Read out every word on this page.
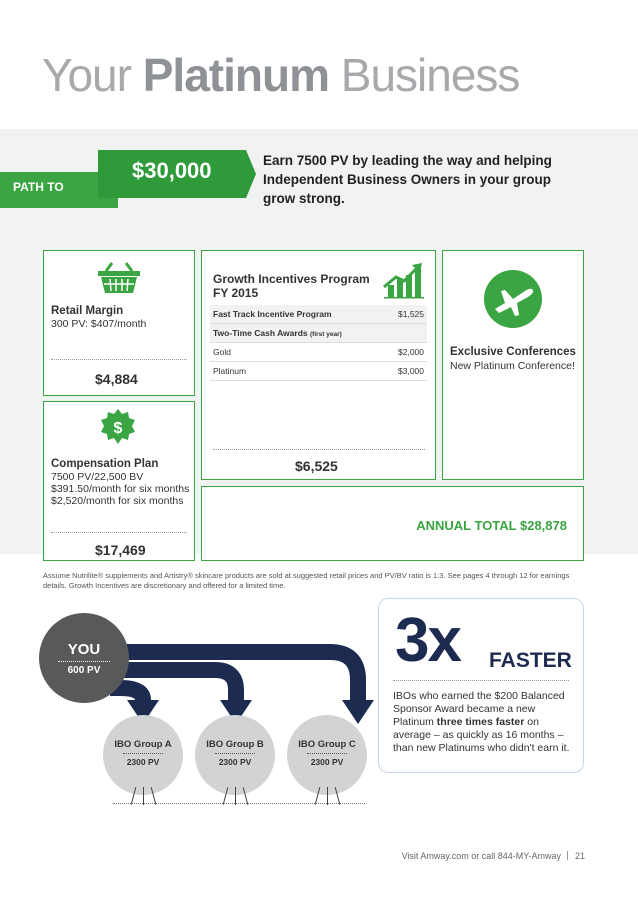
Your Platinum Business
PATH TO
$30,000	Earn 7500 PV by leading the way and helping Independent Business Owners in your group grow strong.
Retail Margin
300 PV: $407/month
$4,884
$
Compensation Plan
7500 PV/22,500 BV
$391.50/month for six months
$2,520/month for six months
$17,469
Growth Incentives Program
FY 2015
Fast Track Incentive Program	$1,525
Two-Time Cash Awards (first year)	
Gold	$2,000
Platinum	$3,000
$6,525
Exclusive Conferences
New Platinum Conference!
ANNUAL TOTAL $28,878
Assume Nutrilite® supplements and Artistry® skincare products are sold at suggested retail prices and PV/BV ratio is 1:3. See pages 4 through 12 for earnings details. Growth Incentives are discretionary and offered for a limited time.
YOU
600 PV
IBO Group A
2300 PV
IBO Group B
2300 PV
IBO Group C
2300 PV
3x FASTER
IBOs who earned the $200 Balanced Sponsor Award became a new Platinum three times faster on average – as quickly as 16 months – than new Platinums who didn't earn it.
Visit Amway.com or call 844-MY-Amway 21
